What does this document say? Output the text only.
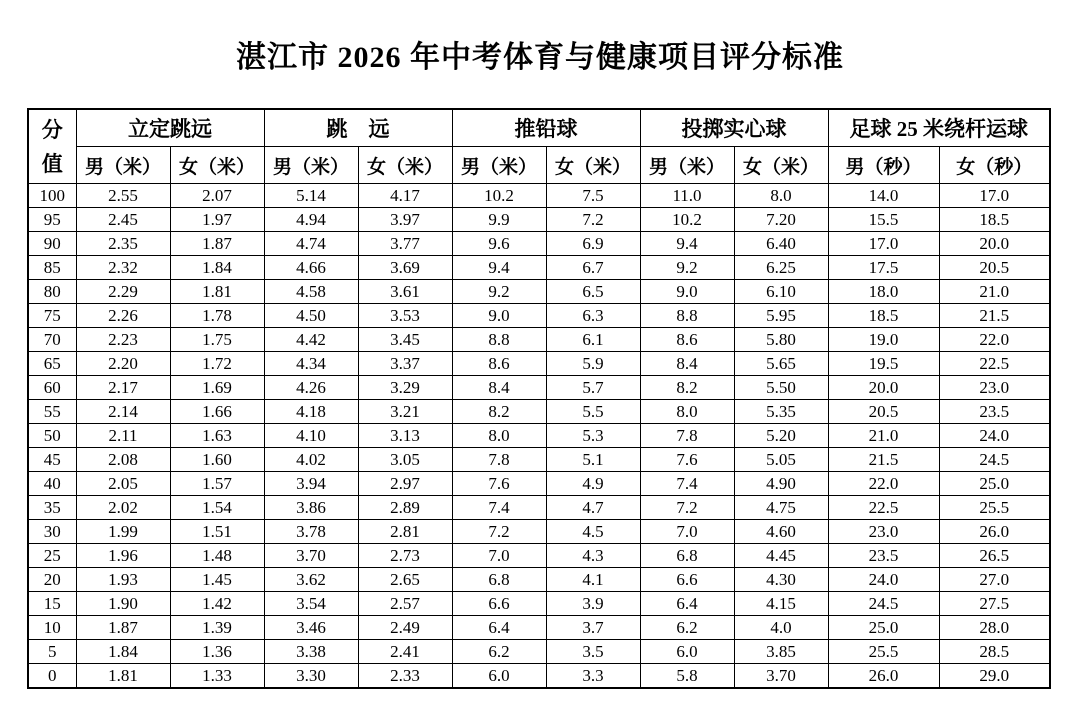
湛江市 2026 年中考体育与健康项目评分标准
分
值	立定跳远		跳　远		推铅球		投掷实心球		足球 25 米绕杆运球	
	男（米）	女（米）	男（米）	女（米）	男（米）	女（米）	男（米）	女（米）	男（秒）	女（秒）
100	2.55	2.07	5.14	4.17	10.2	7.5	11.0	8.0	14.0	17.0
95	2.45	1.97	4.94	3.97	9.9	7.2	10.2	7.20	15.5	18.5
90	2.35	1.87	4.74	3.77	9.6	6.9	9.4	6.40	17.0	20.0
85	2.32	1.84	4.66	3.69	9.4	6.7	9.2	6.25	17.5	20.5
80	2.29	1.81	4.58	3.61	9.2	6.5	9.0	6.10	18.0	21.0
75	2.26	1.78	4.50	3.53	9.0	6.3	8.8	5.95	18.5	21.5
70	2.23	1.75	4.42	3.45	8.8	6.1	8.6	5.80	19.0	22.0
65	2.20	1.72	4.34	3.37	8.6	5.9	8.4	5.65	19.5	22.5
60	2.17	1.69	4.26	3.29	8.4	5.7	8.2	5.50	20.0	23.0
55	2.14	1.66	4.18	3.21	8.2	5.5	8.0	5.35	20.5	23.5
50	2.11	1.63	4.10	3.13	8.0	5.3	7.8	5.20	21.0	24.0
45	2.08	1.60	4.02	3.05	7.8	5.1	7.6	5.05	21.5	24.5
40	2.05	1.57	3.94	2.97	7.6	4.9	7.4	4.90	22.0	25.0
35	2.02	1.54	3.86	2.89	7.4	4.7	7.2	4.75	22.5	25.5
30	1.99	1.51	3.78	2.81	7.2	4.5	7.0	4.60	23.0	26.0
25	1.96	1.48	3.70	2.73	7.0	4.3	6.8	4.45	23.5	26.5
20	1.93	1.45	3.62	2.65	6.8	4.1	6.6	4.30	24.0	27.0
15	1.90	1.42	3.54	2.57	6.6	3.9	6.4	4.15	24.5	27.5
10	1.87	1.39	3.46	2.49	6.4	3.7	6.2	4.0	25.0	28.0
5	1.84	1.36	3.38	2.41	6.2	3.5	6.0	3.85	25.5	28.5
0	1.81	1.33	3.30	2.33	6.0	3.3	5.8	3.70	26.0	29.0
